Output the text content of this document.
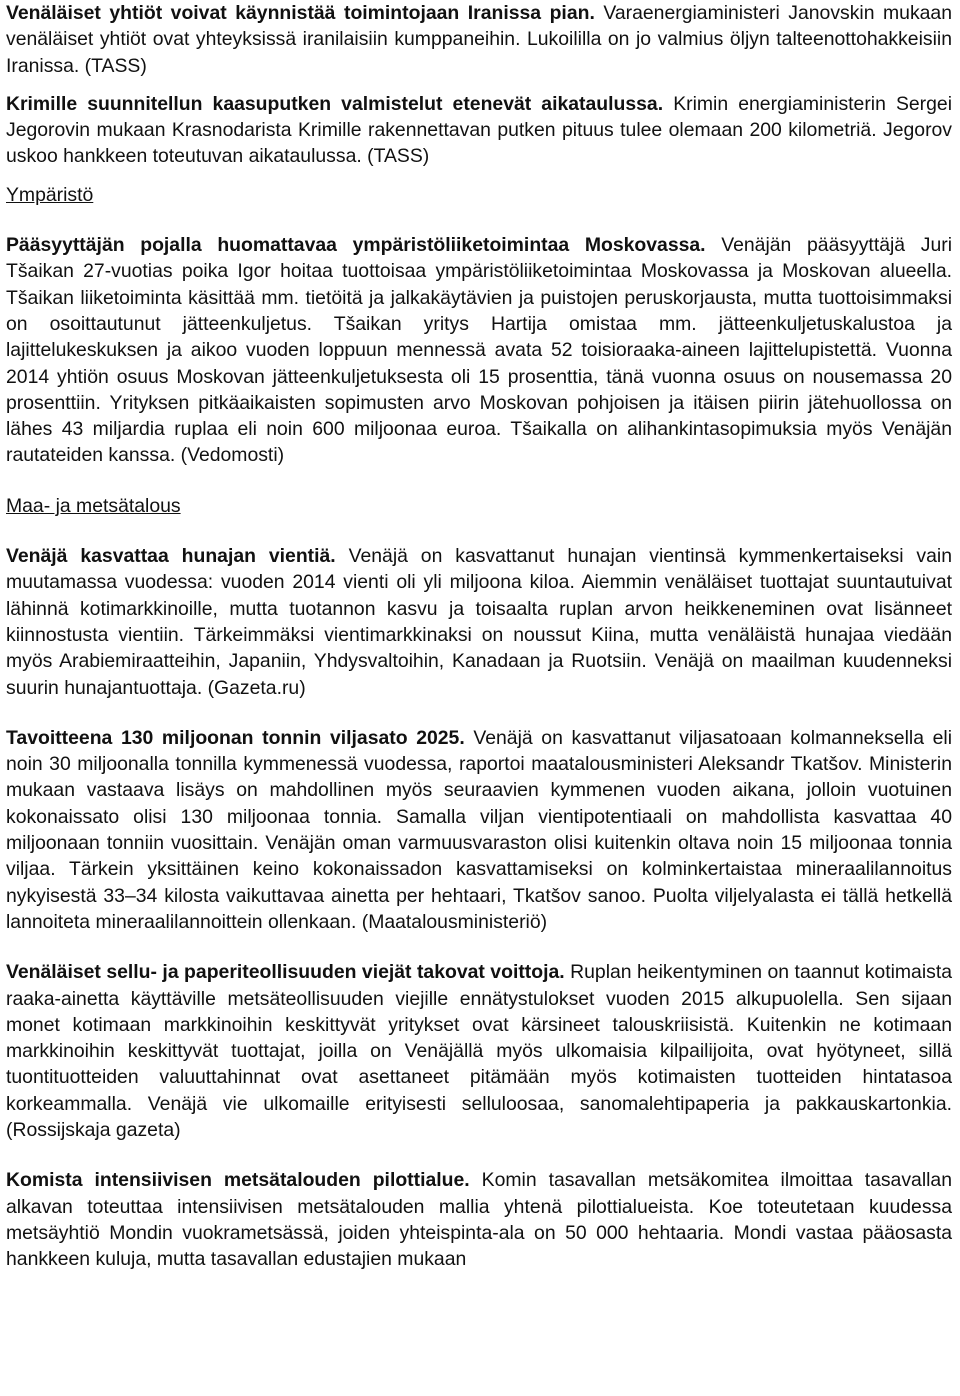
Venäläiset yhtiöt voivat käynnistää toimintojaan Iranissa pian. Varaenergiaministeri Janovskin mukaan venäläiset yhtiöt ovat yhteyksissä iranilaisiin kumppaneihin. Lukoililla on jo valmius öljyn talteenottohakkeisiin Iranissa. (TASS)

Krimille suunnitellun kaasuputken valmistelut etenevät aikataulussa. Krimin energiaministerin Sergei Jegorovin mukaan Krasnodarista Krimille rakennettavan putken pituus tulee olemaan 200 kilometriä. Jegorov uskoo hankkeen toteutuvan aikataulussa. (TASS)

Ympäristö

Pääsyyttäjän pojalla huomattavaa ympäristöliiketoimintaa Moskovassa. Venäjän pääsyyttäjä Juri Tšaikan 27-vuotias poika Igor hoitaa tuottoisaa ympäristöliiketoimintaa Moskovassa ja Moskovan alueella. Tšaikan liiketoiminta käsittää mm. tietöitä ja jalkakäytävien ja puistojen peruskorjausta, mutta tuottoisimmaksi on osoittautunut jätteenkuljetus. Tšaikan yritys Hartija omistaa mm. jätteenkuljetuskalustoa ja lajittelukeskuksen ja aikoo vuoden loppuun mennessä avata 52 toisioraaka-aineen lajittelupistettä. Vuonna 2014 yhtiön osuus Moskovan jätteenkuljetuksesta oli 15 prosenttia, tänä vuonna osuus on nousemassa 20 prosenttiin. Yrityksen pitkäaikaisten sopimusten arvo Moskovan pohjoisen ja itäisen piirin jätehuollossa on lähes 43 miljardia ruplaa eli noin 600 miljoonaa euroa. Tšaikalla on alihankintasopimuksia myös Venäjän rautateiden kanssa. (Vedomosti)

Maa- ja metsätalous

Venäjä kasvattaa hunajan vientiä. Venäjä on kasvattanut hunajan vientinsä kymmenkertaiseksi vain muutamassa vuodessa: vuoden 2014 vienti oli yli miljoona kiloa. Aiemmin venäläiset tuottajat suuntautuivat lähinnä kotimarkkinoille, mutta tuotannon kasvu ja toisaalta ruplan arvon heikkeneminen ovat lisänneet kiinnostusta vientiin. Tärkeimmäksi vientimarkkinaksi on noussut Kiina, mutta venäläistä hunajaa viedään myös Arabiemiraatteihin, Japaniin, Yhdysvaltoihin, Kanadaan ja Ruotsiin. Venäjä on maailman kuudenneksi suurin hunajantuottaja. (Gazeta.ru)

Tavoitteena 130 miljoonan tonnin viljasato 2025. Venäjä on kasvattanut viljasatoaan kolmanneksella eli noin 30 miljoonalla tonnilla kymmenessä vuodessa, raportoi maatalousministeri Aleksandr Tkatšov. Ministerin mukaan vastaava lisäys on mahdollinen myös seuraavien kymmenen vuoden aikana, jolloin vuotuinen kokonaissato olisi 130 miljoonaa tonnia. Samalla viljan vientipotentiaali on mahdollista kasvattaa 40 miljoonaan tonniin vuosittain. Venäjän oman varmuusvaraston olisi kuitenkin oltava noin 15 miljoonaa tonnia viljaa. Tärkein yksittäinen keino kokonaissadon kasvattamiseksi on kolminkertaistaa mineraalilannoitus nykyisestä 33–34 kilosta vaikuttavaa ainetta per hehtaari, Tkatšov sanoo. Puolta viljelyalasta ei tällä hetkellä lannoiteta mineraalilannoittein ollenkaan. (Maatalousministeriö)

Venäläiset sellu- ja paperiteollisuuden viejät takovat voittoja. Ruplan heikentyminen on taannut kotimaista raaka-ainetta käyttäville metsäteollisuuden viejille ennätystulokset vuoden 2015 alkupuolella. Sen sijaan monet kotimaan markkinoihin keskittyvät yritykset ovat kärsineet talouskriisistä. Kuitenkin ne kotimaan markkinoihin keskittyvät tuottajat, joilla on Venäjällä myös ulkomaisia kilpailijoita, ovat hyötyneet, sillä tuontituotteiden valuuttahinnat ovat asettaneet pitämään myös kotimaisten tuotteiden hintatasoa korkeammalla. Venäjä vie ulkomaille erityisesti selluloosaa, sanomalehtipaperia ja pakkauskartonkia. (Rossijskaja gazeta)

Komista intensiivisen metsätalouden pilottialue. Komin tasavallan metsäkomitea ilmoittaa tasavallan alkavan toteuttaa intensiivisen metsätalouden mallia yhtenä pilottialueista. Koe toteutetaan kuudessa metsäyhtiö Mondin vuokrametsässä, joiden yhteispinta-ala on 50 000 hehtaaria. Mondi vastaa pääosasta hankkeen kuluja, mutta tasavallan edustajien mukaan
